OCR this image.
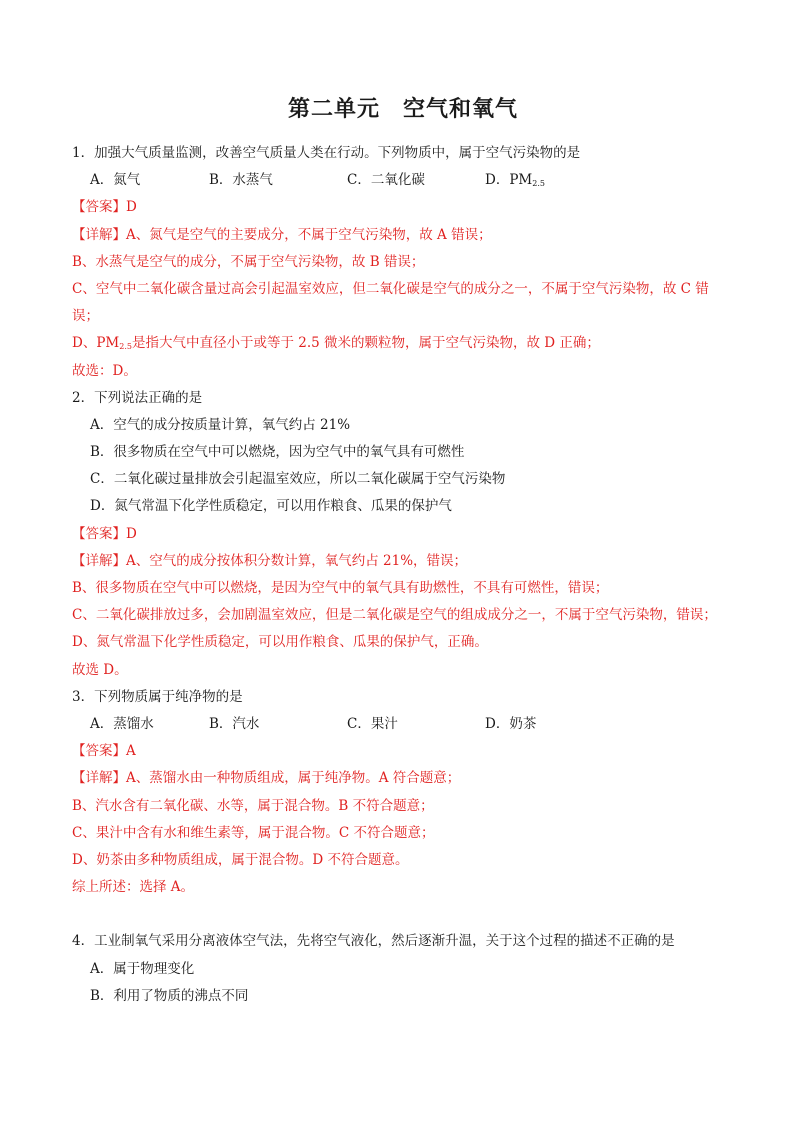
第二单元　空气和氧气
1．加强大气质量监测，改善空气质量人类在行动。下列物质中，属于空气污染物的是
A．氮气	B．水蒸气	C．二氧化碳	D．$PM_{2.5}$
【答案】D
【详解】A、氮气是空气的主要成分，不属于空气污染物，故 A 错误；
B、水蒸气是空气的成分，不属于空气污染物，故 B 错误；
C、空气中二氧化碳含量过高会引起温室效应，但二氧化碳是空气的成分之一，不属于空气污染物，故 C 错误；
D、$PM_{2.5}$是指大气中直径小于或等于 2.5 微米的颗粒物，属于空气污染物，故 D 正确；
故选：D。
2．下列说法正确的是
A．空气的成分按质量计算，氧气约占 21%
B．很多物质在空气中可以燃烧，因为空气中的氧气具有可燃性
C．二氧化碳过量排放会引起温室效应，所以二氧化碳属于空气污染物
D．氮气常温下化学性质稳定，可以用作粮食、瓜果的保护气
【答案】D
【详解】A、空气的成分按体积分数计算，氧气约占 21%，错误；
B、很多物质在空气中可以燃烧，是因为空气中的氧气具有助燃性，不具有可燃性，错误；
C、二氧化碳排放过多，会加剧温室效应，但是二氧化碳是空气的组成成分之一，不属于空气污染物，错误；
D、氮气常温下化学性质稳定，可以用作粮食、瓜果的保护气，正确。
故选 D。
3．下列物质属于纯净物的是
A．蒸馏水	B．汽水	C．果汁	D．奶茶
【答案】A
【详解】A、蒸馏水由一种物质组成，属于纯净物。A 符合题意；
B、汽水含有二氧化碳、水等，属于混合物。B 不符合题意；
C、果汁中含有水和维生素等，属于混合物。C 不符合题意；
D、奶茶由多种物质组成，属于混合物。D 不符合题意。
综上所述：选择 A。
4．工业制氧气采用分离液体空气法，先将空气液化，然后逐渐升温，关于这个过程的描述不正确的是
A．属于物理变化
B．利用了物质的沸点不同
